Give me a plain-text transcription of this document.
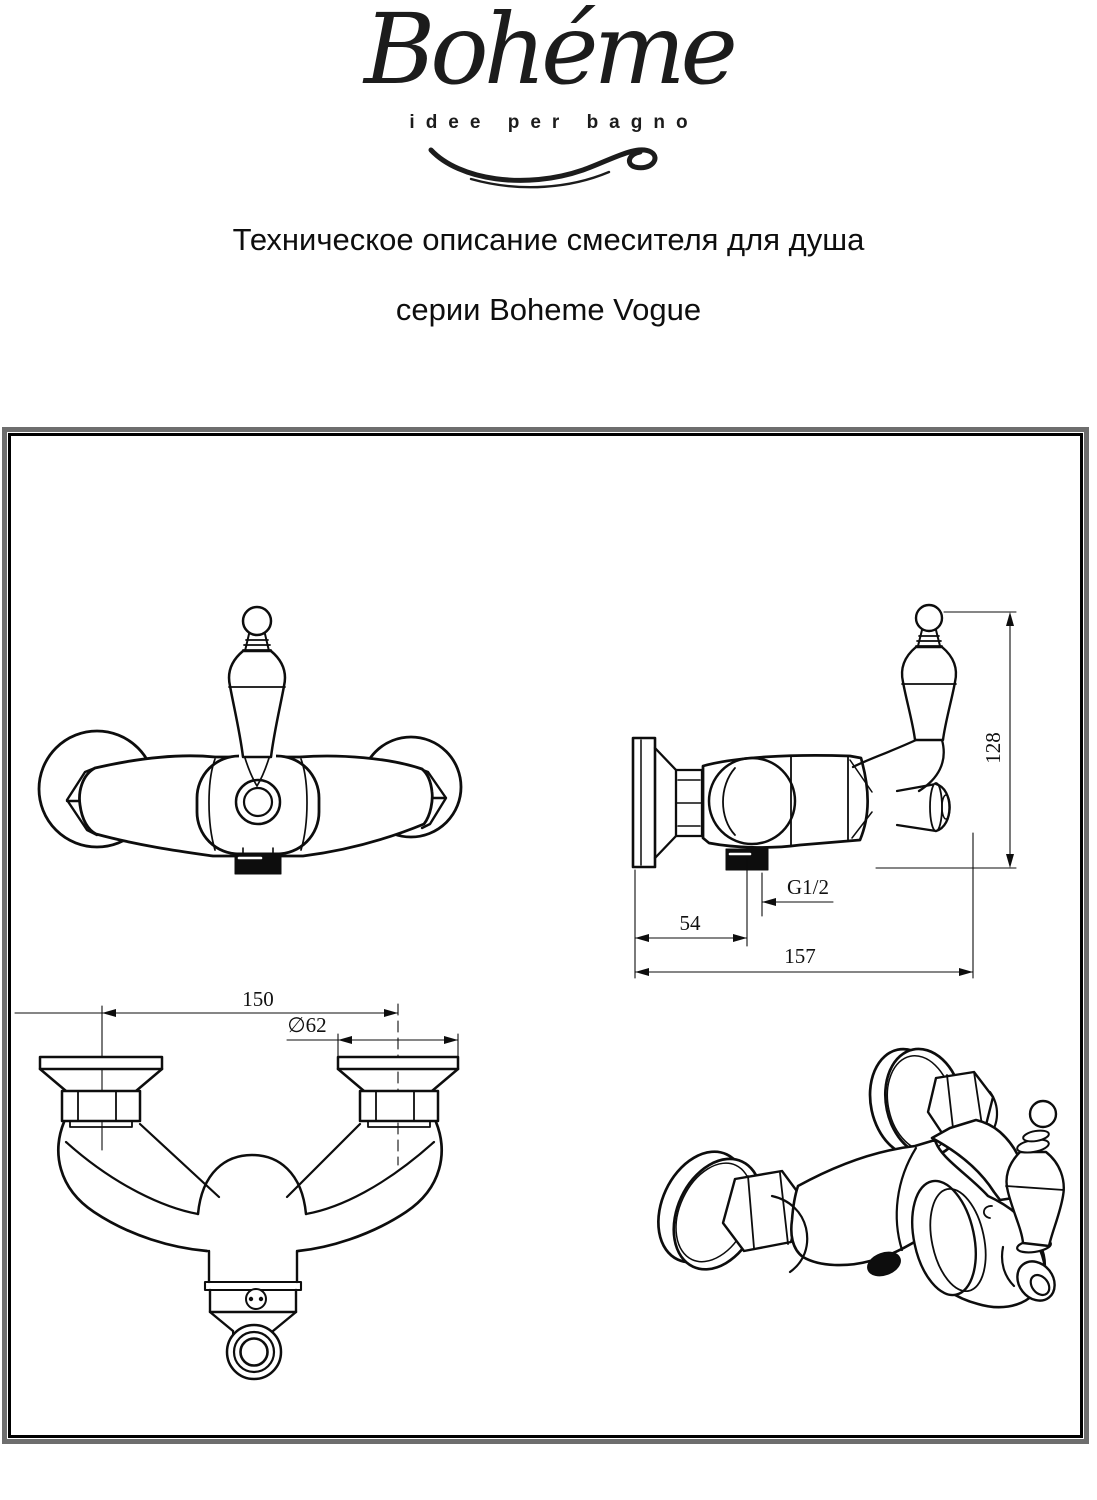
Bohéme
idee per bagno
Техническое описание смесителя для душа
серии Boheme Vogue
128
G1/2
54
157
150
∅62
